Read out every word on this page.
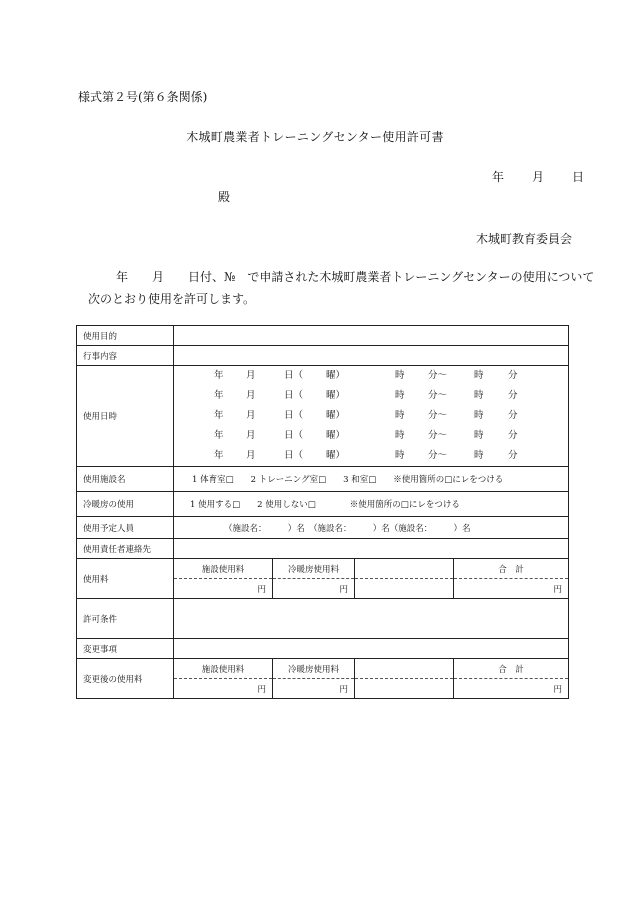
様式第２号(第６条関係)
木城町農業者トレーニングセンター使用許可書
年 月 日
殿
木城町教育委員会
年　　月　　日付、№　で申請された木城町農業者トレーニングセンターの使用について
次のとおり使用を許可します。
使用目的	
行事内容	
使用日時	
年 月	日（ 曜）	時 分〜	時	分
年 月	日（ 曜）	時 分〜	時	分
年 月	日（ 曜）	時 分〜	時	分
年 月	日（ 曜）	時 分〜	時	分
年 月	日（ 曜）	時 分〜	時	分

使用施設名	1 体育室□　　2 トレーニング室□　　3 和室□　　※使用箇所の□にレをつける
冷暖房の使用	1 使用する□　　2 使用しない□　　　　※使用箇所の□にレをつける
使用予定人員	（施設名：　　　）名　（施設名：　　　）名（施設名：　　　）名
使用責任者連絡先	
使用料	
施設使用料	冷暖房使用料		合　計
円	円		円

許可条件	
変更事項	
変更後の使用料	
施設使用料	冷暖房使用料		合　計
円	円		円
